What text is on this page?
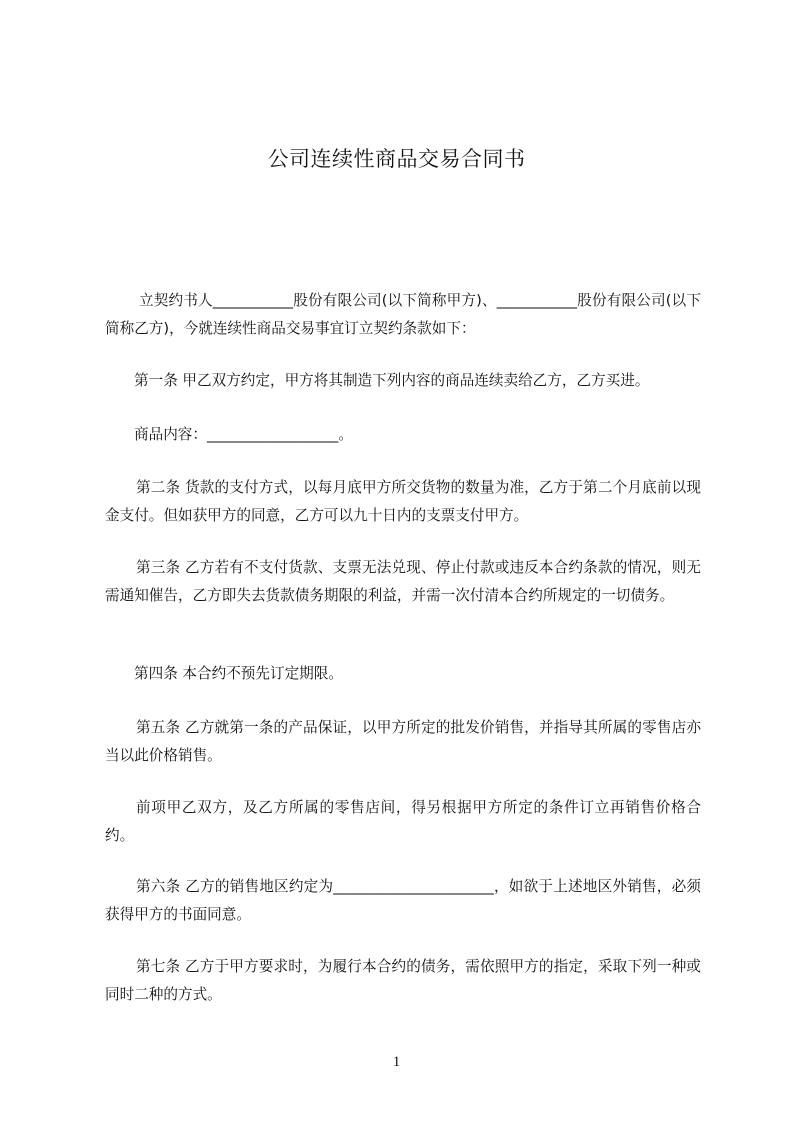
公司连续性商品交易合同书

立契约书人___________股份有限公司(以下简称甲方)、___________股份有限公司(以下简称乙方)，今就连续性商品交易事宜订立契约条款如下：

第一条 甲乙双方约定，甲方将其制造下列内容的商品连续卖给乙方，乙方买进。

商品内容：__________________。

第二条 货款的支付方式，以每月底甲方所交货物的数量为准，乙方于第二个月底前以现金支付。但如获甲方的同意，乙方可以九十日内的支票支付甲方。

第三条 乙方若有不支付货款、支票无法兑现、停止付款或违反本合约条款的情况，则无需通知催告，乙方即失去货款债务期限的利益，并需一次付清本合约所规定的一切债务。

第四条 本合约不预先订定期限。

第五条 乙方就第一条的产品保证，以甲方所定的批发价销售，并指导其所属的零售店亦当以此价格销售。

前项甲乙双方，及乙方所属的零售店间，得另根据甲方所定的条件订立再销售价格合约。

第六条 乙方的销售地区约定为______________________，如欲于上述地区外销售，必须获得甲方的书面同意。

第七条 乙方于甲方要求时，为履行本合约的债务，需依照甲方的指定，采取下列一种或同时二种的方式。

1
